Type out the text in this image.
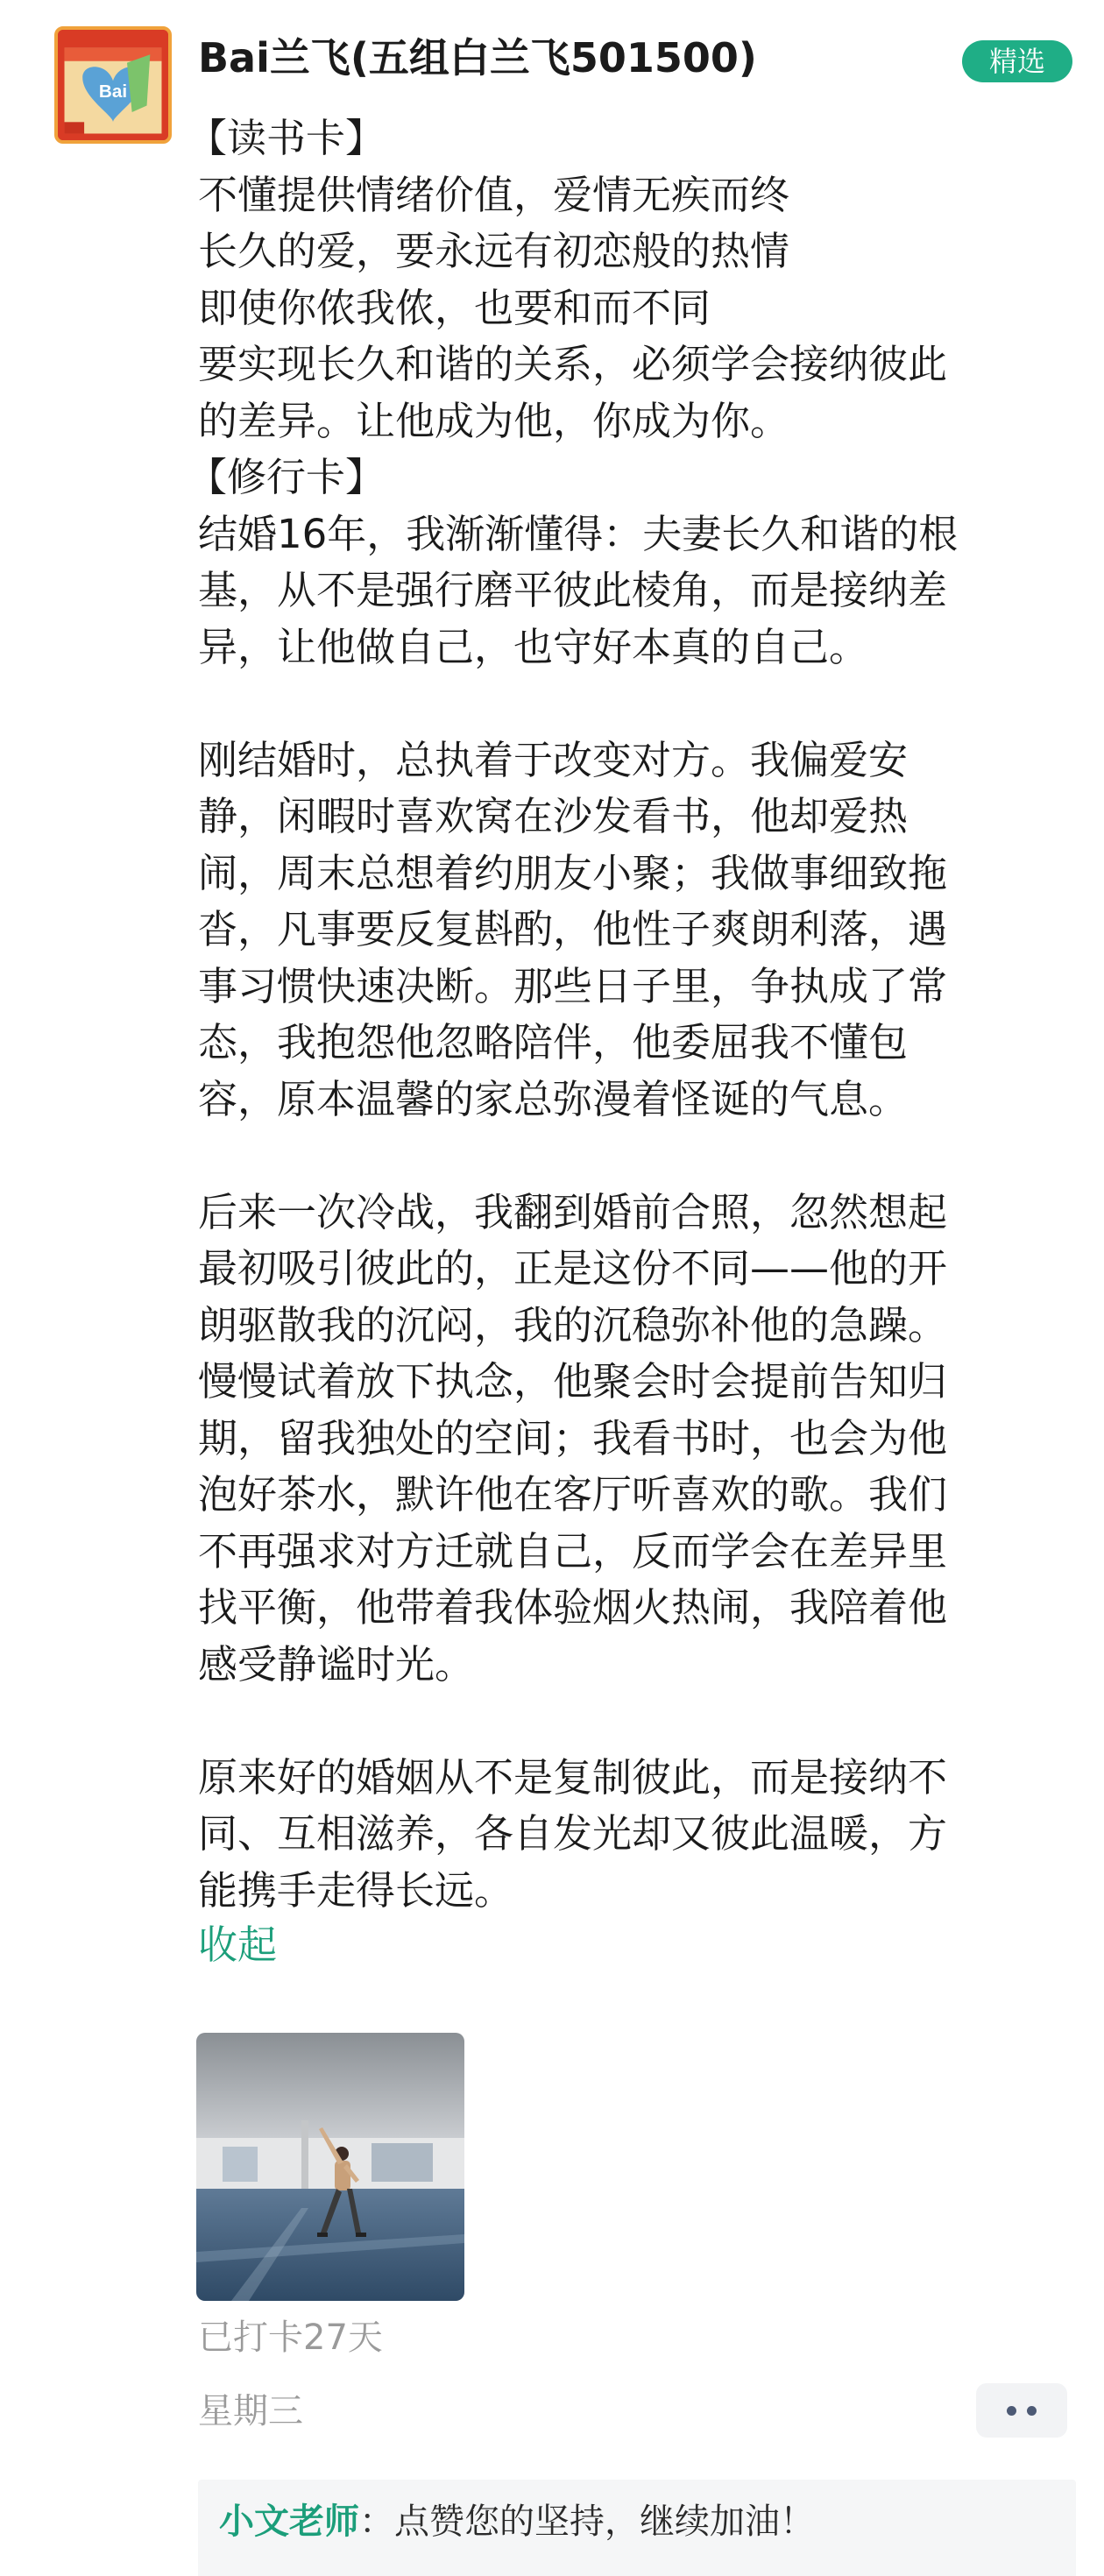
Bai
Bai兰飞(五组白兰飞501500)	精选

【读书卡】

不懂提供情绪价值，爱情无疾而终

长久的爱，要永远有初恋般的热情

即使你侬我侬，也要和而不同

要实现长久和谐的关系，必须学会接纳彼此

的差异。让他成为他，你成为你。

【修行卡】

结婚16年，我渐渐懂得：夫妻长久和谐的根

基，从不是强行磨平彼此棱角，而是接纳差

异，让他做自己，也守好本真的自己。

刚结婚时，总执着于改变对方。我偏爱安

静，闲暇时喜欢窝在沙发看书，他却爱热

闹，周末总想着约朋友小聚；我做事细致拖

沓，凡事要反复斟酌，他性子爽朗利落，遇

事习惯快速决断。那些日子里，争执成了常

态，我抱怨他忽略陪伴，他委屈我不懂包

容，原本温馨的家总弥漫着怪诞的气息。

后来一次冷战，我翻到婚前合照，忽然想起

最初吸引彼此的，正是这份不同——他的开

朗驱散我的沉闷，我的沉稳弥补他的急躁。

慢慢试着放下执念，他聚会时会提前告知归

期，留我独处的空间；我看书时，也会为他

泡好茶水，默许他在客厅听喜欢的歌。我们

不再强求对方迁就自己，反而学会在差异里

找平衡，他带着我体验烟火热闹，我陪着他

感受静谧时光。

原来好的婚姻从不是复制彼此，而是接纳不

同、互相滋养，各自发光却又彼此温暖，方

能携手走得长远。

收起
已打卡27天
星期三
小文老师：点赞您的坚持，继续加油！
